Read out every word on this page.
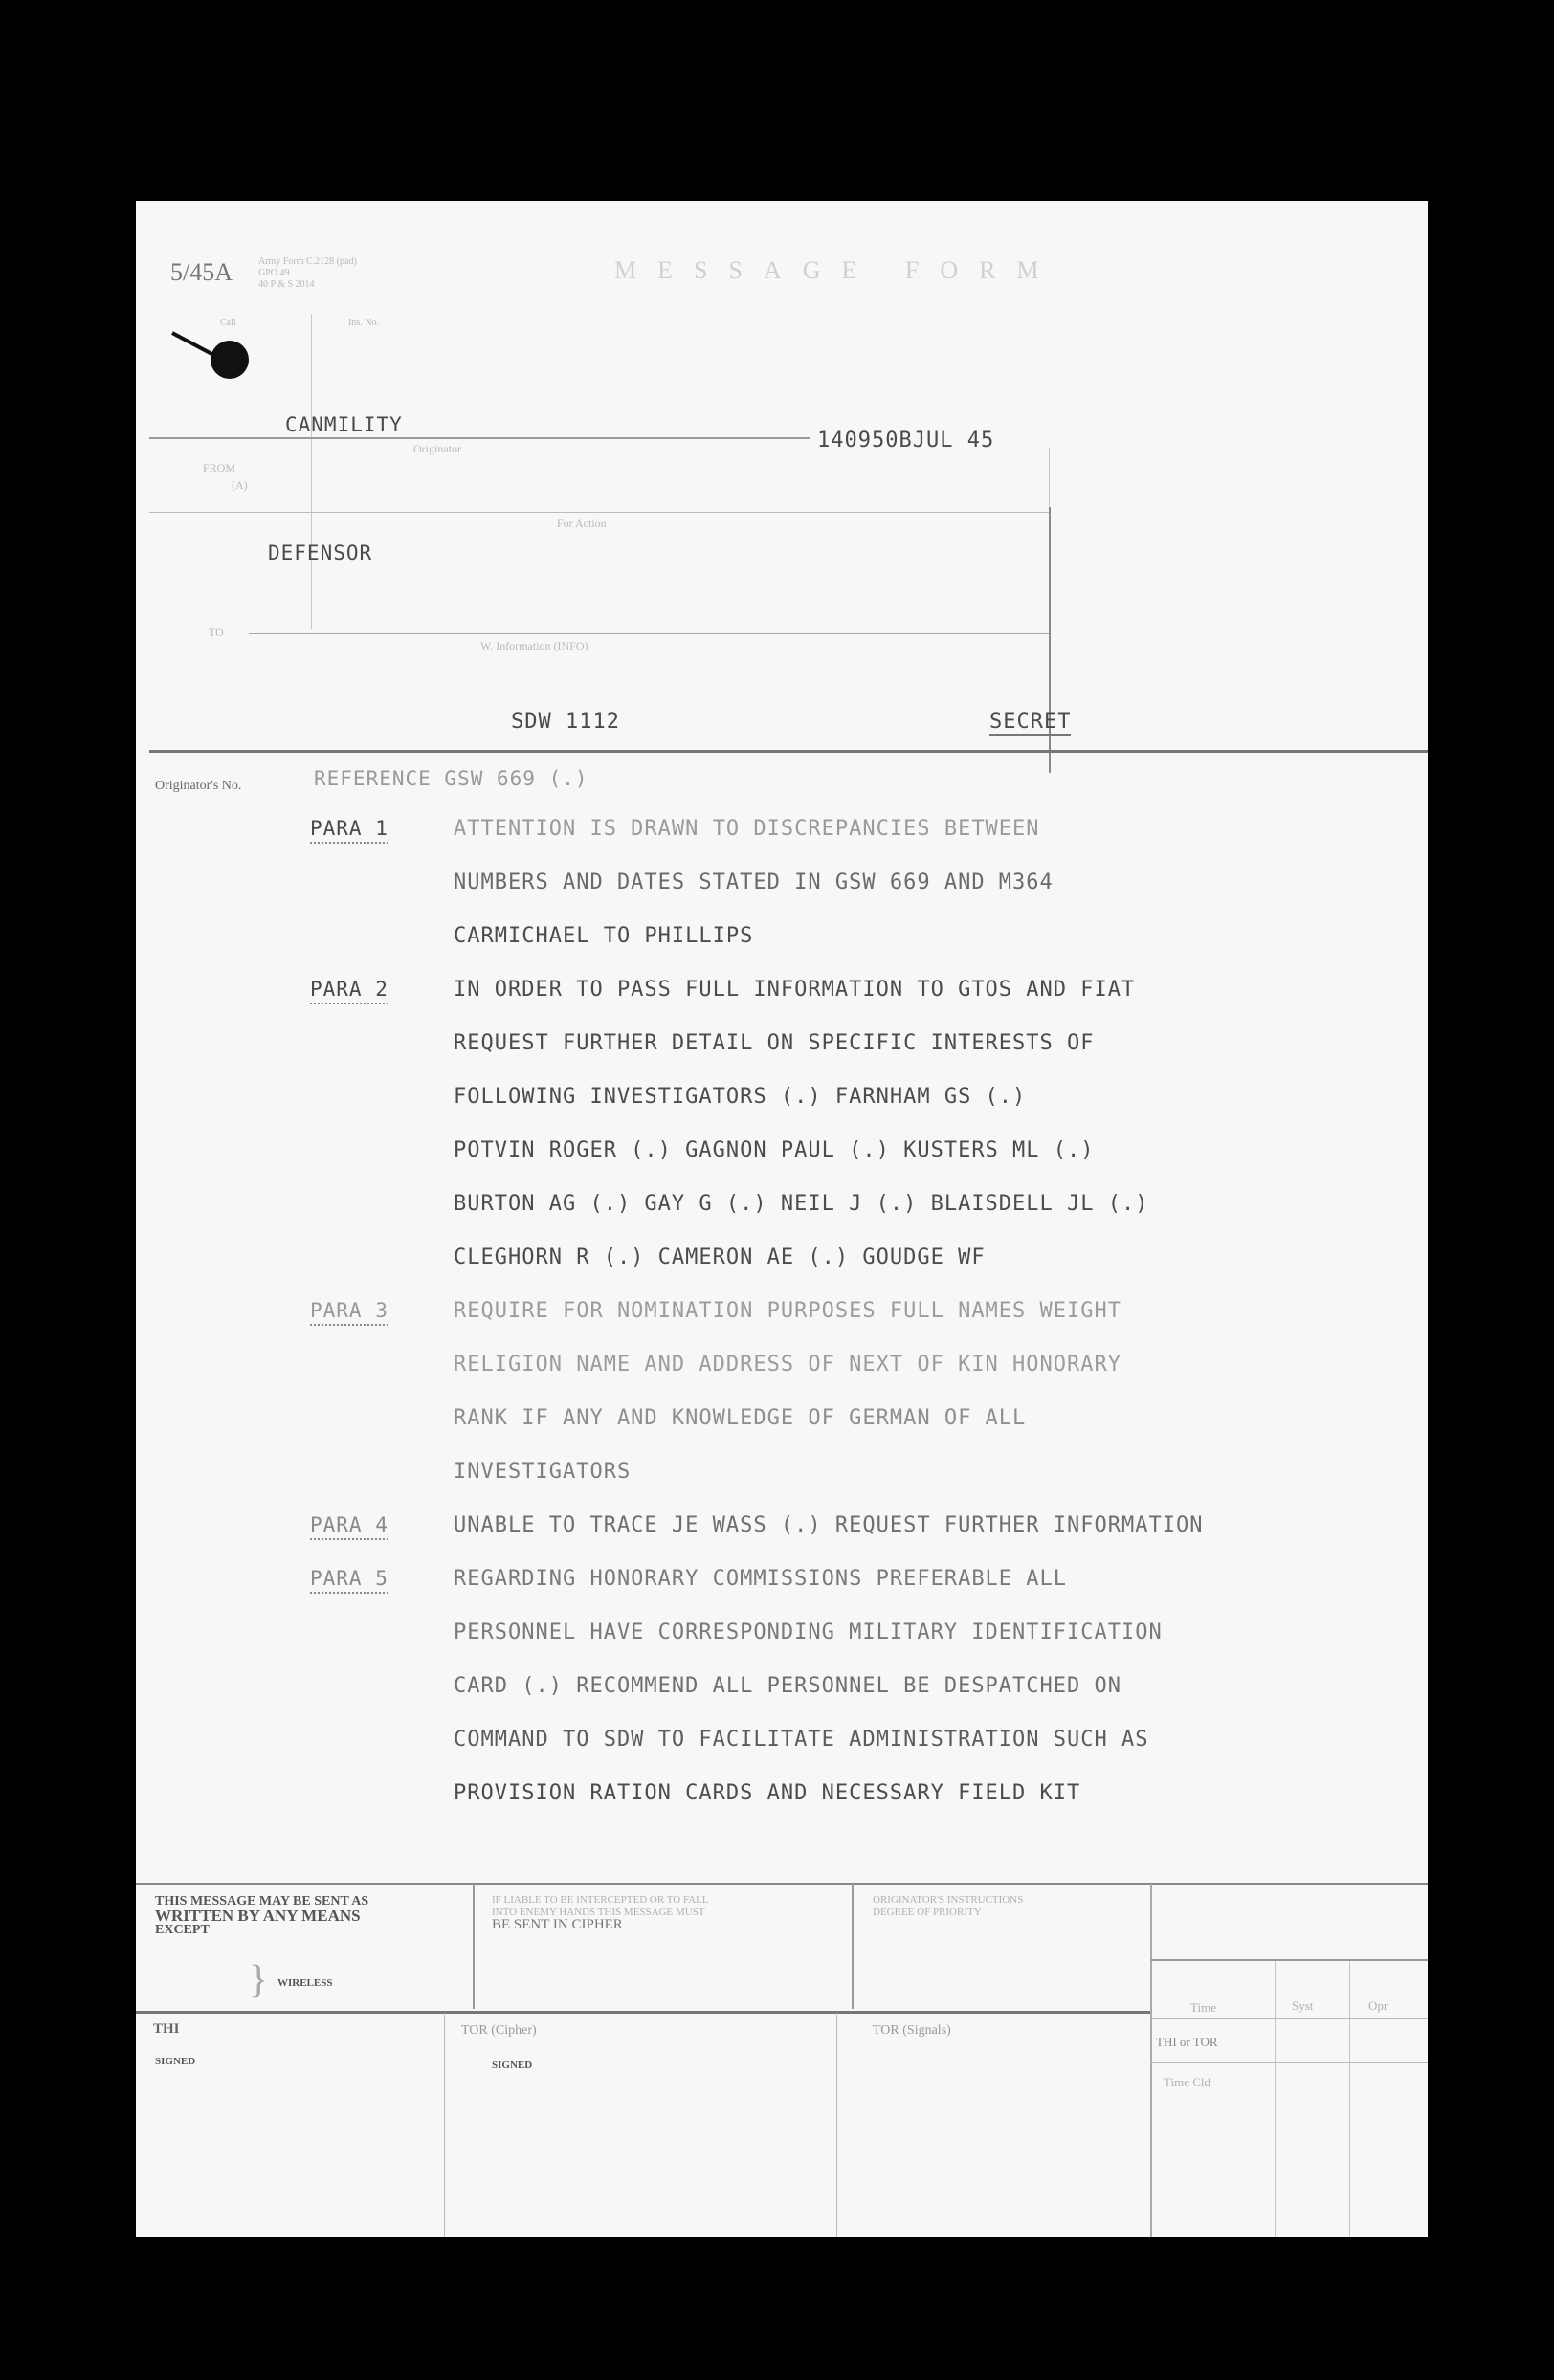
5/45A	Army Form C.2128 (pad)
GPO 49
40 P & S 2014
MESSAGE FORM
Call	Ins. No.
CANMILITY
140950BJUL 45
Originator
FROM
(A)
For Action
DEFENSOR
TO
W. Information (INFO)
SDW 1112	SECRET
Originator's No.	REFERENCE GSW 669 (.)
PARA 1	ATTENTION IS DRAWN TO DISCREPANCIES BETWEEN
NUMBERS AND DATES STATED IN GSW 669 AND M364
CARMICHAEL TO PHILLIPS
PARA 2	IN ORDER TO PASS FULL INFORMATION TO GTOS AND FIAT
REQUEST FURTHER DETAIL ON SPECIFIC INTERESTS OF
FOLLOWING INVESTIGATORS (.) FARNHAM GS (.)
POTVIN ROGER (.) GAGNON PAUL (.) KUSTERS ML (.)
BURTON AG (.) GAY G (.) NEIL J (.) BLAISDELL JL (.)
CLEGHORN R (.) CAMERON AE (.) GOUDGE WF
PARA 3	REQUIRE FOR NOMINATION PURPOSES FULL NAMES WEIGHT
RELIGION NAME AND ADDRESS OF NEXT OF KIN HONORARY
RANK IF ANY AND KNOWLEDGE OF GERMAN OF ALL
INVESTIGATORS
PARA 4	UNABLE TO TRACE JE WASS (.) REQUEST FURTHER INFORMATION
PARA 5	REGARDING HONORARY COMMISSIONS PREFERABLE ALL
PERSONNEL HAVE CORRESPONDING MILITARY IDENTIFICATION
CARD (.) RECOMMEND ALL PERSONNEL BE DESPATCHED ON
COMMAND TO SDW TO FACILITATE ADMINISTRATION SUCH AS
PROVISION RATION CARDS AND NECESSARY FIELD KIT
THIS MESSAGE MAY BE SENT AS
WRITTEN BY ANY MEANS
EXCEPT
} WIRELESS
SIGNED
IF LIABLE TO BE INTERCEPTED OR TO FALL
INTO ENEMY HANDS THIS MESSAGE MUST
BE SENT IN CIPHER
SIGNED
ORIGINATOR'S INSTRUCTIONS
DEGREE OF PRIORITY
Time	Syst	Opr
THI or TOR
Time Cld
THI	TOR (Cipher)	TOR (Signals)
